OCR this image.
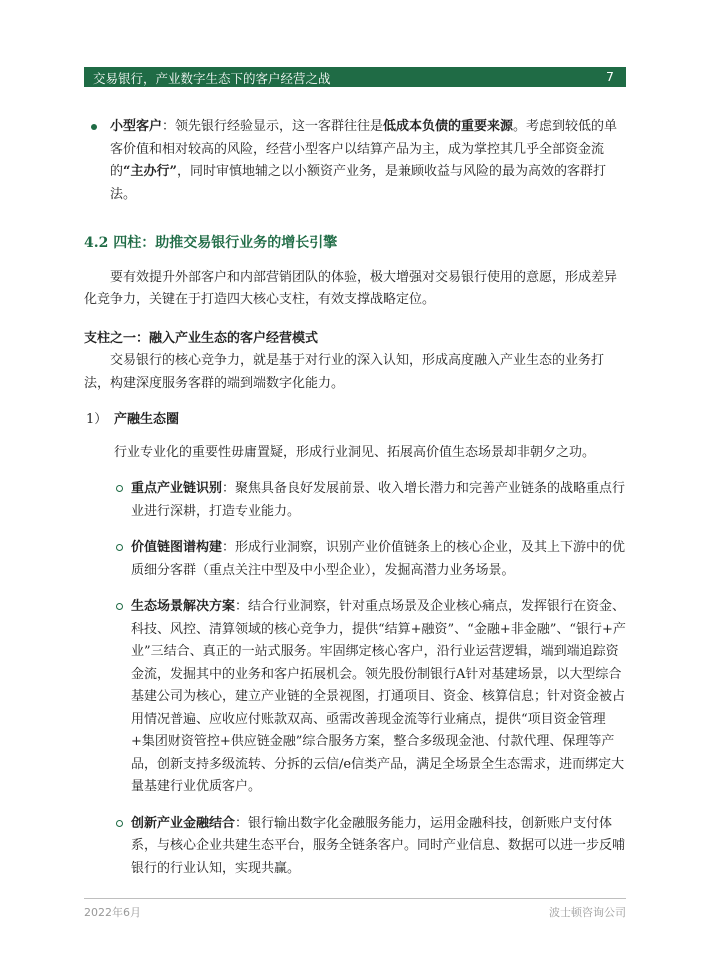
交易银行，产业数字生态下的客户经营之战	7

小型客户：领先银行经验显示，这一客群往往是低成本负债的重要来源。考虑到较低的单客价值和相对较高的风险，经营小型客户以结算产品为主，成为掌控其几乎全部资金流的“主办行”，同时审慎地辅之以小额资产业务，是兼顾收益与风险的最为高效的客群打法。

4.2 四柱：助推交易银行业务的增长引擎

要有效提升外部客户和内部营销团队的体验，极大增强对交易银行使用的意愿，形成差异化竞争力，关键在于打造四大核心支柱，有效支撑战略定位。

支柱之一：融入产业生态的客户经营模式

交易银行的核心竞争力，就是基于对行业的深入认知，形成高度融入产业生态的业务打法，构建深度服务客群的端到端数字化能力。

1） 产融生态圈

行业专业化的重要性毋庸置疑，形成行业洞见、拓展高价值生态场景却非朝夕之功。

重点产业链识别：聚焦具备良好发展前景、收入增长潜力和完善产业链条的战略重点行业进行深耕，打造专业能力。

价值链图谱构建：形成行业洞察，识别产业价值链条上的核心企业，及其上下游中的优质细分客群（重点关注中型及中小型企业），发掘高潜力业务场景。

生态场景解决方案：结合行业洞察，针对重点场景及企业核心痛点，发挥银行在资金、科技、风控、清算领域的核心竞争力，提供“结算+融资”、“金融+非金融”、“银行+产业”三结合、真正的一站式服务。牢固绑定核心客户，沿行业运营逻辑，端到端追踪资金流，发掘其中的业务和客户拓展机会。领先股份制银行A针对基建场景，以大型综合基建公司为核心，建立产业链的全景视图，打通项目、资金、核算信息；针对资金被占用情况普遍、应收应付账款双高、亟需改善现金流等行业痛点，提供“项目资金管理+集团财资管控+供应链金融”综合服务方案，整合多级现金池、付款代理、保理等产品，创新支持多级流转、分拆的云信/e信类产品，满足全场景全生态需求，进而绑定大量基建行业优质客户。

创新产业金融结合：银行输出数字化金融服务能力，运用金融科技，创新账户支付体系，与核心企业共建生态平台，服务全链条客户。同时产业信息、数据可以进一步反哺银行的行业认知，实现共赢。

2022年6月	波士顿咨询公司
